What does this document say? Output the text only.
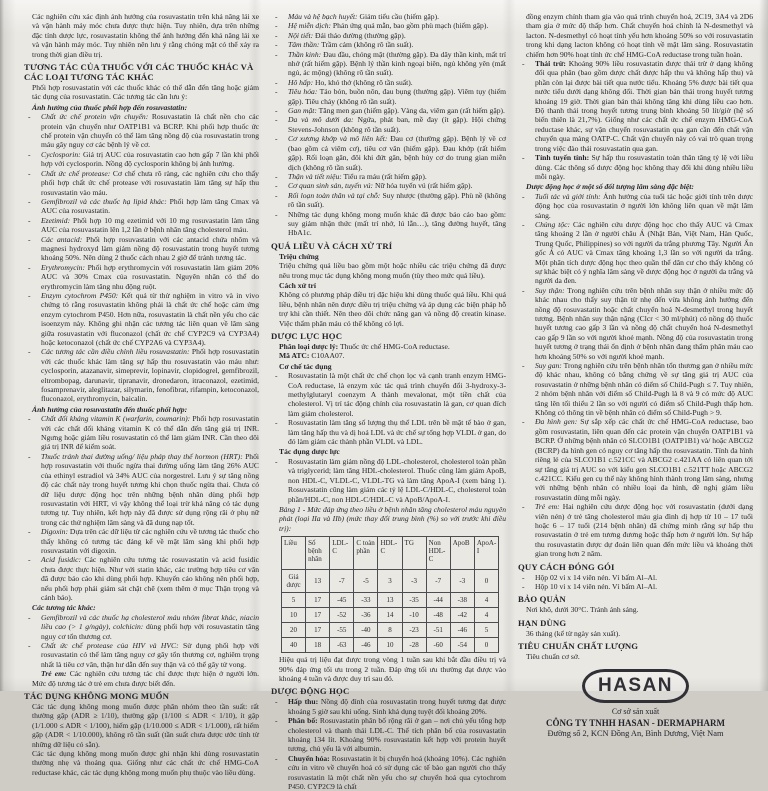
Các nghiên cứu xác định ảnh hưởng của rosuvastatin trên khả năng lái xe và vận hành máy móc chưa được thực hiện. Tuy nhiên, dựa trên những đặc tính dược lực, rosuvastatin không thể ảnh hưởng đến khả năng lái xe và vận hành máy móc. Tuy nhiên nên lưu ý rằng chóng mặt có thể xảy ra trong thời gian điều trị.
TƯƠNG TÁC CỦA THUỐC VỚI CÁC THUỐC KHÁC VÀ CÁC LOẠI TƯƠNG TÁC KHÁC
Phối hợp rosuvastatin với các thuốc khác có thể dẫn đến tăng hoặc giảm tác dụng của rosuvastatin. Các tương tác cần lưu ý:
Ảnh hưởng của thuốc phối hợp đến rosuvastatin:
- Chất ức chế protein vận chuyển: Rosuvastatin là chất nền cho các protein vận chuyển như OATP1B1 và BCRP. Khi phối hợp thuốc ức chế protein vận chuyển có thể làm tăng nồng độ của rosuvastatin trong máu gây nguy cơ các bệnh lý về cơ.
- Cyclosporin: Giá trị AUC của rosuvastatin cao hơn gấp 7 lần khi phối hợp với cyclosporin. Nồng độ cyclosporin không bị ảnh hưởng.
- Chất ức chế protease: Cơ chế chưa rõ ràng, các nghiên cứu cho thấy phối hợp chất ức chế protease với rosuvastatin làm tăng sự hấp thu rosuvastatin vào máu.
- Gemfibrozil và các thuốc hạ lipid khác: Phối hợp làm tăng Cmax và AUC của rosuvastatin.
- Ezetimid: Phối hợp 10 mg ezetimid với 10 mg rosuvastatin làm tăng AUC của rosuvastatin lên 1,2 lần ở bệnh nhân tăng cholesterol máu.
- Các antacid: Phối hợp rosuvastatin với các antacid chứa nhôm và magnesi hydroxyd làm giảm nồng độ rosuvastatin trong huyết tương khoảng 50%. Nên dùng 2 thuốc cách nhau 2 giờ để tránh tương tác.
- Erythromycin: Phối hợp erythromycin với rosuvastatin làm giảm 20% AUC và 30% Cmax của rosuvastatin. Nguyên nhân có thể do erythromycin làm tăng nhu động ruột.
- Enzym cytochrom P450: Kết quả từ thử nghiệm in vitro và in vivo chứng tỏ rằng rosuvastatin không phải là chất ức chế hoặc cảm ứng enzym cytochrom P450. Hơn nữa, rosuvastatin là chất nền yếu cho các isoenzym này. Không ghi nhận các tương tác liên quan về lâm sàng giữa rosuvastatin với fluconazol (chất ức chế CYP2C9 và CYP3A4) hoặc ketoconazol (chất ức chế CYP2A6 và CYP3A4).
- Các tương tác cần điều chỉnh liều rosuvastatin: Phối hợp rosuvastatin với các thuốc khác làm tăng sự hấp thu rosuvastatin vào máu như: cyclosporin, atazanavir, simeprevir, lopinavir, clopidogrel, gemfibrozil, eltrombopag, darunavir, tipranavir, dronedaron, itraconazol, ezetimid, fosamprenavir, aleglitazar, silymarin, fenofibrat, rifampin, ketoconazol, fluconazol, erythromycin, baicalin.
Ảnh hưởng của rosuvastatin đến thuốc phối hợp:
- Chất đối kháng vitamin K (warfarin, coumarin): Phối hợp rosuvastatin với các chất đối kháng vitamin K có thể dẫn đến tăng giá trị INR. Ngưng hoặc giảm liều rosuvastatin có thể làm giảm INR. Cần theo dõi giá trị INR để kiểm soát.
- Thuốc tránh thai đường uống/ liệu pháp thay thế hormon (HRT): Phối hợp rosuvastatin với thuốc ngừa thai đường uống làm tăng 26% AUC của ethinyl estradiol và 34% AUC của norgestrel. Lưu ý sự tăng nồng độ các chất này trong huyết tương khi chọn thuốc ngừa thai. Chưa có dữ liệu dược động học trên những bệnh nhân dùng phối hợp rosuvastatin với HRT, vì vậy không thể loại trừ khả năng có tác dụng tương tự. Tuy nhiên, kết hợp này đã được sử dụng rộng rãi ở phụ nữ trong các thử nghiệm lâm sàng và đã dung nạp tốt.
- Digoxin: Dựa trên các dữ liệu từ các nghiên cứu về tương tác thuốc cho thấy không có tương tác đáng kể về mặt lâm sàng khi phối hợp rosuvastatin với digoxin.
- Acid fusidic: Các nghiên cứu tương tác rosuvastatin và acid fusidic chưa được thực hiện. Như với statin khác, các trường hợp tiêu cơ vân đã được báo cáo khi dùng phối hợp. Khuyến cáo không nên phối hợp, nếu phối hợp phải giám sát chặt chẽ (xem thêm ở mục Thận trọng và cảnh báo).
Các tương tác khác:
- Gemfibrozil và các thuốc hạ cholesterol máu nhóm fibrat khác, niacin liều cao (> 1 g/ngày), colchicin: dùng phối hợp với rosuvastatin tăng nguy cơ tổn thương cơ.
- Chất ức chế protease của HIV và HVC: Sử dụng phối hợp với rosuvastatin có thể làm tăng nguy cơ gây tổn thương cơ, nghiêm trọng nhất là tiêu cơ vân, thận hư dẫn đến suy thận và có thể gây tử vong.
Trẻ em: Các nghiên cứu tương tác chỉ được thực hiện ở người lớn. Mức độ tương tác ở trẻ em chưa được biết đến.
TÁC DỤNG KHÔNG MONG MUỐN
Các tác dụng không mong muốn được phân nhóm theo tần suất: rất thường gặp (ADR ≥ 1/10), thường gặp (1/100 ≤ ADR < 1/10), ít gặp (1/1.000 ≤ ADR < 1/100), hiếm gặp (1/10.000 ≤ ADR < 1/1.000), rất hiếm gặp (ADR < 1/10.000), không rõ tần suất (tần suất chưa được ước tính từ những dữ liệu có sẵn).
Các tác dụng không mong muốn được ghi nhận khi dùng rosuvastatin thường nhẹ và thoáng qua. Giống như các chất ức chế HMG-CoA reductase khác, các tác dụng không mong muốn phụ thuộc vào liều dùng.
- Máu và hệ bạch huyết: Giảm tiểu cầu (hiếm gặp).
- Hệ miễn dịch: Phản ứng quá mẫn, bao gồm phù mạch (hiếm gặp).
- Nội tiết: Đái tháo đường (thường gặp).
- Tâm thần: Trầm cảm (không rõ tần suất).
- Thần kinh: Đau đầu, chóng mặt (thường gặp). Đa dây thần kinh, mất trí nhớ (rất hiếm gặp). Bệnh lý thần kinh ngoại biên, ngủ không yên (mất ngủ, ác mộng) (không rõ tần suất).
- Hô hấp: Ho, khó thở (không rõ tần suất).
- Tiêu hóa: Táo bón, buồn nôn, đau bụng (thường gặp). Viêm tụy (hiếm gặp). Tiêu chảy (không rõ tần suất).
- Gan mật: Tăng men gan (hiếm gặp). Vàng da, viêm gan (rất hiếm gặp).
- Da và mô dưới da: Ngứa, phát ban, mề đay (ít gặp). Hội chứng Stevens-Johnson (không rõ tần suất).
- Cơ xương khớp và mô liên kết: Đau cơ (thường gặp). Bệnh lý về cơ (bao gồm cả viêm cơ), tiêu cơ vân (hiếm gặp). Đau khớp (rất hiếm gặp). Rối loạn gân, đôi khi đứt gân, bệnh hủy cơ do trung gian miễn dịch (không rõ tần suất).
- Thận và tiết niệu: Tiểu ra máu (rất hiếm gặp).
- Cơ quan sinh sản, tuyến vú: Nữ hóa tuyến vú (rất hiếm gặp).
- Rối loạn toàn thân và tại chỗ: Suy nhược (thường gặp). Phù nề (không rõ tần suất).
- Những tác dụng không mong muốn khác đã được báo cáo bao gồm: suy giảm nhận thức (mất trí nhớ, lú lẫn…), tăng đường huyết, tăng HbA1c.
QUÁ LIỀU VÀ CÁCH XỬ TRÍ
Triệu chứng
Triệu chứng quá liều bao gồm một hoặc nhiều các triệu chứng đã được nêu trong mục tác dụng không mong muốn (tùy theo mức quá liều).
Cách xử trí
Không có phương pháp điều trị đặc hiệu khi dùng thuốc quá liều. Khi quá liều, bệnh nhân nên được điều trị triệu chứng và áp dụng các biện pháp hỗ trợ khi cần thiết. Nên theo dõi chức năng gan và nồng độ creatin kinase. Việc thẩm phân máu có thể không có lợi.
DƯỢC LỰC HỌC
Phân loại dược lý: Thuốc ức chế HMG-CoA reductase.
Mã ATC: C10AA07.
Cơ chế tác dụng
- Rosuvastatin là một chất ức chế chọn lọc và cạnh tranh enzym HMG-CoA reductase, là enzym xúc tác quá trình chuyển đổi 3-hydroxy-3-methylglutaryl coenzym A thành mevalonat, một tiền chất của cholesterol. Vị trí tác động chính của rosuvastatin là gan, cơ quan đích làm giảm cholesterol.
- Rosuvastatin làm tăng số lượng thụ thể LDL trên bề mặt tế bào ở gan, làm tăng hấp thu và dị hoá LDL và ức chế sự tổng hợp VLDL ở gan, do đó làm giảm các thành phần VLDL và LDL.
Tác dụng dược lực
- Rosuvastatin làm giảm nồng độ LDL-cholesterol, cholesterol toàn phần và triglycerid; làm tăng HDL-cholesterol. Thuốc cũng làm giảm ApoB, non HDL-C, VLDL-C, VLDL-TG và làm tăng ApoA-I (xem bảng 1). Rosuvastatin cũng làm giảm các tỷ lệ LDL-C/HDL-C, cholesterol toàn phần/HDL-C, non HDL-C/HDL-C và ApoB/ApoA-I.
Bảng 1 - Mức đáp ứng theo liều ở bệnh nhân tăng cholesterol máu nguyên phát (loại IIa và IIb) (mức thay đổi trung bình (%) so với trước khi điều trị):
Liều	Số bệnh nhân	LDL-C	C toàn phần	HDL-C	TG	Non HDL-C	ApoB	ApoA-I
Giả dược	13	-7	-5	3	-3	-7	-3	0
5	17	-45	-33	13	-35	-44	-38	4
10	17	-52	-36	14	-10	-48	-42	4
20	17	-55	-40	8	-23	-51	-46	5
40	18	-63	-46	10	-28	-60	-54	0
Hiệu quả trị liệu đạt được trong vòng 1 tuần sau khi bắt đầu điều trị và 90% đáp ứng tối ưu trong 2 tuần. Đáp ứng tối ưu thường đạt được vào khoảng 4 tuần và được duy trì sau đó.
DƯỢC ĐỘNG HỌC
- Hấp thu: Nồng độ đỉnh của rosuvastatin trong huyết tương đạt được khoảng 5 giờ sau khi uống. Sinh khả dụng tuyệt đối khoảng 20%.
- Phân bố: Rosuvastatin phân bố rộng rãi ở gan – nơi chủ yếu tổng hợp cholesterol và thanh thải LDL-C. Thể tích phân bố của rosuvastatin khoảng 134 lít. Khoảng 90% rosuvastatin kết hợp với protein huyết tương, chủ yếu là với albumin.
- Chuyển hóa: Rosuvastatin ít bị chuyển hoá (khoảng 10%). Các nghiên cứu in vitro về chuyển hoá có sử dụng các tế bào gan người cho thấy rosuvastatin là một chất nền yếu cho sự chuyển hoá qua cytochrom P450. CYP2C9 là chất
đồng enzym chính tham gia vào quá trình chuyển hoá, 2C19, 3A4 và 2D6 tham gia ở mức độ thấp hơn. Chất chuyển hoá chính là N-desmethyl và lacton. N-desmethyl có hoạt tính yếu hơn khoảng 50% so với rosuvastatin trong khi dạng lacton không có hoạt tính về mặt lâm sàng. Rosuvastatin chiếm hơn 90% hoạt tính ức chế HMG-CoA reductase trong tuần hoàn.
- Thải trừ: Khoảng 90% liều rosuvastatin được thải trừ ở dạng không đổi qua phân (bao gồm dược chất được hấp thu và không hấp thu) và phần còn lại được bài tiết qua nước tiểu. Khoảng 5% được bài tiết qua nước tiểu dưới dạng không đổi. Thời gian bán thải trong huyết tương khoảng 19 giờ. Thời gian bán thải không tăng khi dùng liều cao hơn. Độ thanh thải trong huyết tương trung bình khoảng 50 lít/giờ (hệ số biến thiên là 21,7%). Giống như các chất ức chế enzym HMG-CoA reductase khác, sự vận chuyển rosuvastatin qua gan cần đến chất vận chuyển qua màng OATP-C. Chất vận chuyển này có vai trò quan trọng trong việc đào thải rosuvastatin qua gan.
- Tính tuyến tính: Sự hấp thu rosuvastatin toàn thân tăng tỷ lệ với liều dùng. Các thông số dược động học không thay đổi khi dùng nhiều liều mỗi ngày.
Dược động học ở một số đối tượng lâm sàng đặc biệt:
- Tuổi tác và giới tính: Ảnh hưởng của tuổi tác hoặc giới tính trên dược động học của rosuvastatin ở người lớn không liên quan về mặt lâm sàng.
- Chủng tộc: Các nghiên cứu dược động học cho thấy AUC và Cmax tăng khoảng 2 lần ở người châu Á (Nhật Bản, Việt Nam, Hàn Quốc, Trung Quốc, Philippines) so với người da trắng phương Tây. Người Ấn gốc Á có AUC và Cmax tăng khoảng 1,3 lần so với người da trắng. Một phân tích dược động học theo quần thể dân cư cho thấy không có sự khác biệt có ý nghĩa lâm sàng về dược động học ở người da trắng và người da đen.
- Suy thận: Trong nghiên cứu trên bệnh nhân suy thận ở nhiều mức độ khác nhau cho thấy suy thận từ nhẹ đến vừa không ảnh hưởng đến nồng độ rosuvastatin hoặc chất chuyển hoá N-desmethyl trong huyết tương. Bệnh nhân suy thận nặng (Clcr < 30 ml/phút) có nồng độ thuốc huyết tương cao gấp 3 lần và nồng độ chất chuyển hoá N-desmethyl cao gấp 9 lần so với người khoẻ mạnh. Nồng độ của rosuvastatin trong huyết tương ở trạng thái ổn định ở bệnh nhân đang thẩm phân máu cao hơn khoảng 50% so với người khoẻ mạnh.
- Suy gan: Trong nghiên cứu trên bệnh nhân tổn thương gan ở nhiều mức độ khác nhau, không có bằng chứng về sự tăng giá trị AUC của rosuvastatin ở những bệnh nhân có điểm số Child-Pugh ≤ 7. Tuy nhiên, 2 nhóm bệnh nhân với điểm số Child-Pugh là 8 và 9 có mức độ AUC tăng lên tối thiểu 2 lần so với người có điểm số Child-Pugh thấp hơn. Không có thông tin về bệnh nhân có điểm số Child-Pugh > 9.
- Đa hình gen: Sự sắp xếp các chất ức chế HMG-CoA reductase, bao gồm rosuvastatin, liên quan đến các protein vận chuyển OATP1B1 và BCRP. Ở những bệnh nhân có SLCO1B1 (OATP1B1) và/ hoặc ABCG2 (BCRP) đa hình gen có nguy cơ tăng hấp thu rosuvastatin. Tính đa hình riêng lẻ của SLCO1B1 c.521CC và ABCG2 c.421AA có liên quan tới sự tăng giá trị AUC so với kiểu gen SLCO1B1 c.521TT hoặc ABCG2 c.421CC. Kiểu gen cụ thể này không hình thành trong lâm sàng, nhưng với những bệnh nhân có nhiều loại đa hình, đề nghị giảm liều rosuvastatin dùng mỗi ngày.
- Trẻ em: Hai nghiên cứu dược động học với rosuvastatin (dưới dạng viên nén) ở trẻ tăng cholesterol máu gia đình dị hợp từ 10 – 17 tuổi hoặc 6 – 17 tuổi (214 bệnh nhân) đã chứng minh rằng sự hấp thu rosuvastatin ở trẻ em tương đương hoặc thấp hơn ở người lớn. Sự hấp thu rosuvastatin được dự đoán liên quan đến mức liều và khoảng thời gian trong hơn 2 năm.
QUY CÁCH ĐÓNG GÓI
- Hộp 02 vỉ x 14 viên nén. Vỉ bấm Al–Al.
- Hộp 10 vỉ x 14 viên nén. Vỉ bấm Al–Al.
BẢO QUẢN
Nơi khô, dưới 30°C. Tránh ánh sáng.
HẠN DÙNG
36 tháng (kể từ ngày sản xuất).
TIÊU CHUẨN CHẤT LƯỢNG
Tiêu chuẩn cơ sở.
HASAN
Cơ sở sản xuất
CÔNG TY TNHH HASAN - DERMAPHARM
Đường số 2, KCN Đồng An, Bình Dương, Việt Nam
